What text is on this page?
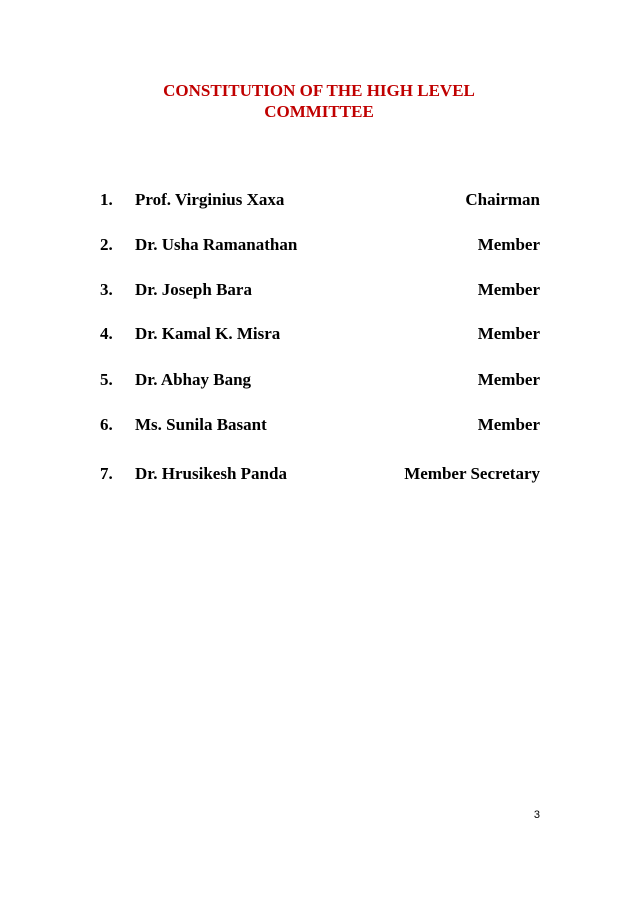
CONSTITUTION OF THE HIGH LEVEL
COMMITTEE
1. Prof. Virginius Xaxa	Chairman
2. Dr. Usha Ramanathan	Member
3. Dr. Joseph Bara	Member
4. Dr. Kamal K. Misra	Member
5. Dr. Abhay Bang	Member
6. Ms. Sunila Basant	Member
7. Dr. Hrusikesh Panda	Member Secretary
3
